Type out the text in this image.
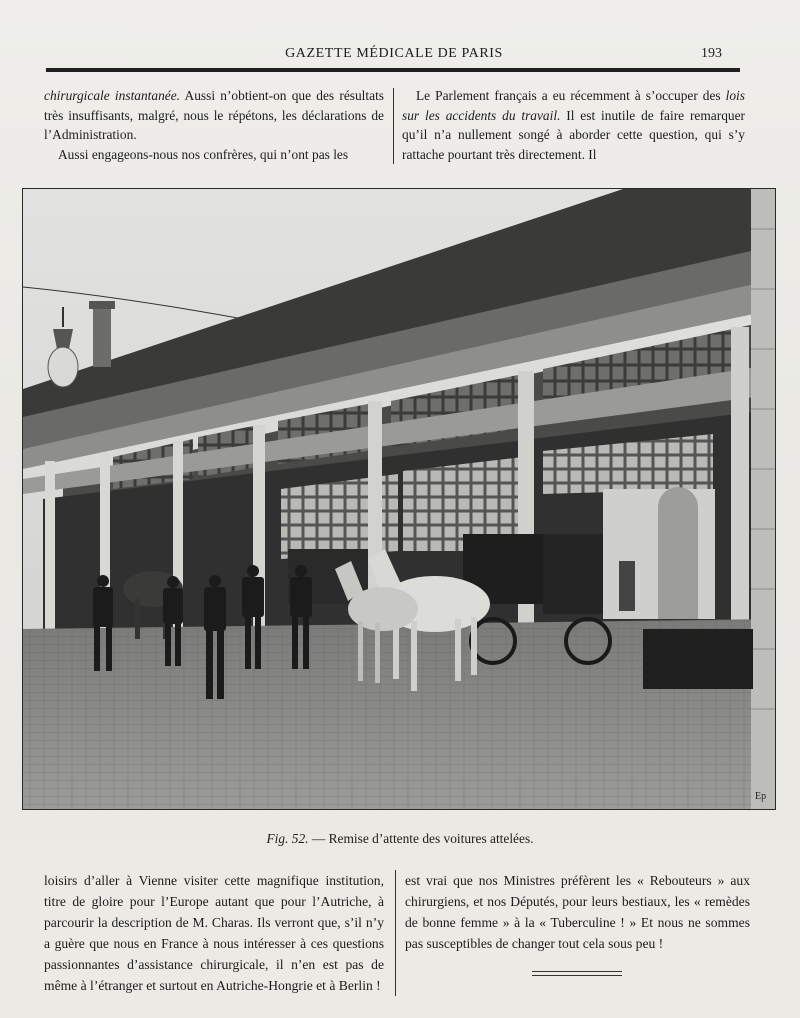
GAZETTE MÉDICALE DE PARIS	193

chirurgicale instantanée. Aussi n’obtient-on que des résultats très insuffisants, malgré, nous le répétons, les déclarations de l’Administration.

Aussi engageons-nous nos confrères, qui n’ont pas les

Le Parlement français a eu récemment à s’occuper des lois sur les accidents du travail. Il est inutile de faire remarquer qu’il n’a nullement songé à aborder cette question, qui s’y rattache pourtant très directement. Il

Ep
Fig. 52. — Remise d’attente des voitures attelées.

loisirs d’aller à Vienne visiter cette magnifique institution, titre de gloire pour l’Europe autant que pour l’Autriche, à parcourir la description de M. Charas. Ils verront que, s’il n’y a guère que nous en France à nous intéresser à ces questions passionnantes d’assistance chirurgicale, il n’en est pas de même à l’étranger et surtout en Autriche-Hongrie et à Berlin !

est vrai que nos Ministres préfèrent les « Rebouteurs » aux chirurgiens, et nos Députés, pour leurs bestiaux, les « remèdes de bonne femme » à la « Tuberculine ! » Et nous ne sommes pas susceptibles de changer tout cela sous peu !
